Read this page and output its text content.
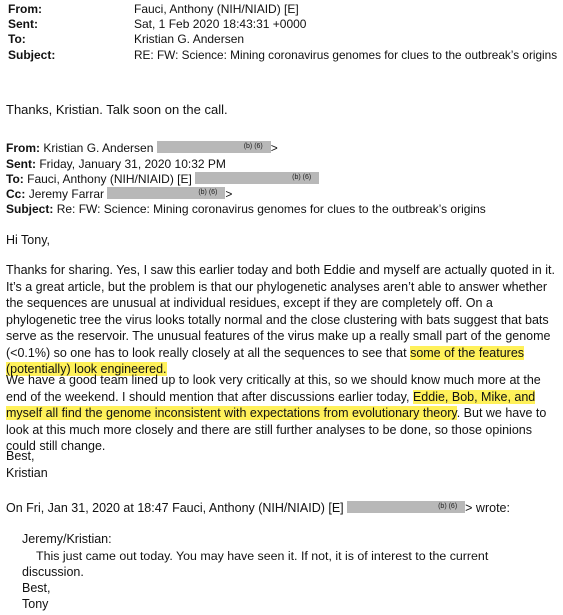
From:	Fauci, Anthony (NIH/NIAID) [E]
Sent:	Sat, 1 Feb 2020 18:43:31 +0000
To:	Kristian G. Andersen
Subject:	RE: FW: Science: Mining coronavirus genomes for clues to the outbreak’s origins
Thanks, Kristian. Talk soon on the call.
From: Kristian G. Andersen	(b) (6) >
Sent: Friday, January 31, 2020 10:32 PM
To: Fauci, Anthony (NIH/NIAID) [E]	(b) (6)
Cc: Jeremy Farrar	(b) (6) >
Subject: Re: FW: Science: Mining coronavirus genomes for clues to the outbreak’s origins
Hi Tony,
Thanks for sharing. Yes, I saw this earlier today and both Eddie and myself are actually quoted in it. It’s a great article, but the problem is that our phylogenetic analyses aren’t able to answer whether the sequences are unusual at individual residues, except if they are completely off. On a phylogenetic tree the virus looks totally normal and the close clustering with bats suggest that bats serve as the reservoir. The unusual features of the virus make up a really small part of the genome (<0.1%) so one has to look really closely at all the sequences to see that some of the features (potentially) look engineered.
We have a good team lined up to look very critically at this, so we should know much more at the end of the weekend. I should mention that after discussions earlier today, Eddie, Bob, Mike, and myself all find the genome inconsistent with expectations from evolutionary theory. But we have to look at this much more closely and there are still further analyses to be done, so those opinions could still change.
Best,
Kristian
On Fri, Jan 31, 2020 at 18:47 Fauci, Anthony (NIH/NIAID) [E]	(b) (6) > wrote:
Jeremy/Kristian:
This just came out today. You may have seen it. If not, it is of interest to the current
discussion.
Best,
Tony
